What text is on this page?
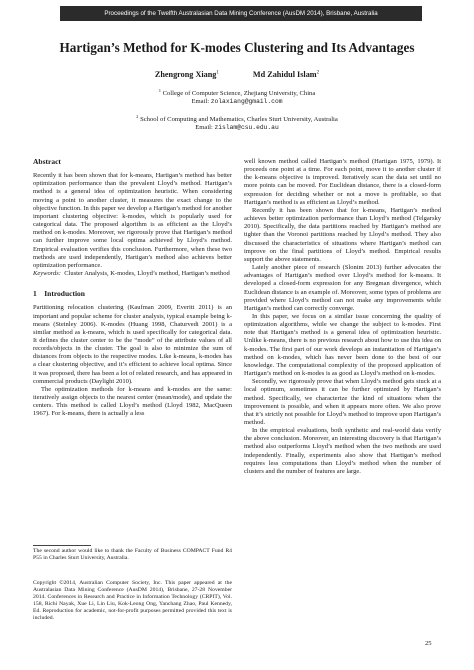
Proceedings of the Twelfth Australasian Data Mining Conference (AusDM 2014), Brisbane, Australia
Hartigan’s Method for K-modes Clustering and Its Advantages
Zhengrong Xiang$^1$	Md Zahidul Islam$^2$
$^1$ College of Computer Science, Zhejiang University, China
Email: zolaxiang@gmail.com
$^2$ School of Computing and Mathematics, Charles Sturt University, Australia
Email: zislam@csu.edu.au
Abstract

Recently it has been shown that for k-means, Hartigan’s method has better optimization performance than the prevalent Lloyd’s method. Hartigan’s method is a general idea of optimization heuristic. When considering moving a point to another cluster, it measures the exact change to the objective function. In this paper we develop a Hartigan’s method for another important clustering objective: k-modes, which is popularly used for categorical data. The proposed algorithm is as efficient as the Lloyd’s method on k-modes. Moreover, we rigorously prove that Hartigan’s method can further improve some local optima achieved by Lloyd’s method. Empirical evaluation verifies this conclusion. Furthermore, when these two methods are used independently, Hartigan’s method also achieves better optimization performance.

Keywords: Cluster Analysis, K-modes, Lloyd’s method, Hartigan’s method

1 Introduction

Partitioning relocation clustering (Kaufman 2009, Everitt 2011) is an important and popular scheme for cluster analysis, typical example being k-means (Steinley 2006). K-modes (Huang 1998, Chaturvedi 2001) is a similar method as k-means, which is used specifically for categorical data. It defines the cluster center to be the “mode” of the attribute values of all records/objects in the cluster. The goal is also to minimize the sum of distances from objects to the respective modes. Like k-means, k-modes has a clear clustering objective, and it’s efficient to achieve local optima. Since it was proposed, there has been a lot of related research, and has appeared in commercial products (Daylight 2010).

The optimization methods for k-means and k-modes are the same: iteratively assign objects to the nearest center (mean/mode), and update the centers. This method is called Lloyd’s method (Lloyd 1982, MacQueen 1967). For k-means, there is actually a less

The second author would like to thank the Faculty of Business COMPACT Fund R4 P55 in Charles Sturt University, Australia.
Copyright ©2014, Australian Computer Society, Inc. This paper appeared at the Australasian Data Mining Conference (AusDM 2014), Brisbane, 27-28 November 2014. Conferences in Research and Practice in Information Technology (CRPIT), Vol. 158, Richi Nayak, Xue Li, Lin Liu, Kok-Leong Ong, Yanchang Zhao, Paul Kennedy, Ed. Reproduction for academic, not-for-profit purposes permitted provided this text is included.

well known method called Hartigan’s method (Hartigan 1975, 1979). It proceeds one point at a time. For each point, move it to another cluster if the k-means objective is improved. Iteratively scan the data set until no more points can be moved. For Euclidean distance, there is a closed-form expression for deciding whether or not a move is profitable, so that Hartigan’s method is as efficient as Lloyd’s method.

Recently it has been shown that for k-means, Hartigan’s method achieves better optimization performance than Lloyd’s method (Telgarsky 2010). Specifically, the data partitions reached by Hartigan’s method are tighter than the Voronoi partitions reached by Lloyd’s method. They also discussed the characteristics of situations where Hartigan’s method can improve on the final partitions of Lloyd’s method. Empirical results support the above statements.

Lately another piece of research (Slonim 2013) further advocates the advantages of Hartigan’s method over Lloyd’s method for k-means. It developed a closed-form expression for any Bregman divergence, which Euclidean distance is an example of. Moreover, some types of problems are provided where Lloyd’s method can not make any improvements while Hartigan’s method can correctly converge.

In this paper, we focus on a similar issue concerning the quality of optimization algorithms, while we change the subject to k-modes. First note that Hartigan’s method is a general idea of optimization heuristic. Unlike k-means, there is no previous research about how to use this idea on k-modes. The first part of our work develops an instantiation of Hartigan’s method on k-modes, which has never been done to the best of our knowledge. The computational complexity of the proposed application of Hartigan’s method on k-modes is as good as Lloyd’s method on k-modes.

Secondly, we rigorously prove that when Lloyd’s method gets stuck at a local optimum, sometimes it can be further optimized by Hartigan’s method. Specifically, we characterize the kind of situations when the improvement is possible, and when it appears more often. We also prove that it’s strictly not possible for Lloyd’s method to improve upon Hartigan’s method.

In the empirical evaluations, both synthetic and real-world data verify the above conclusion. Moreover, an interesting discovery is that Hartigan’s method also outperforms Lloyd’s method when the two methods are used independently. Finally, experiments also show that Hartigan’s method requires less computations than Lloyd’s method when the number of clusters and the number of features are large.

25
